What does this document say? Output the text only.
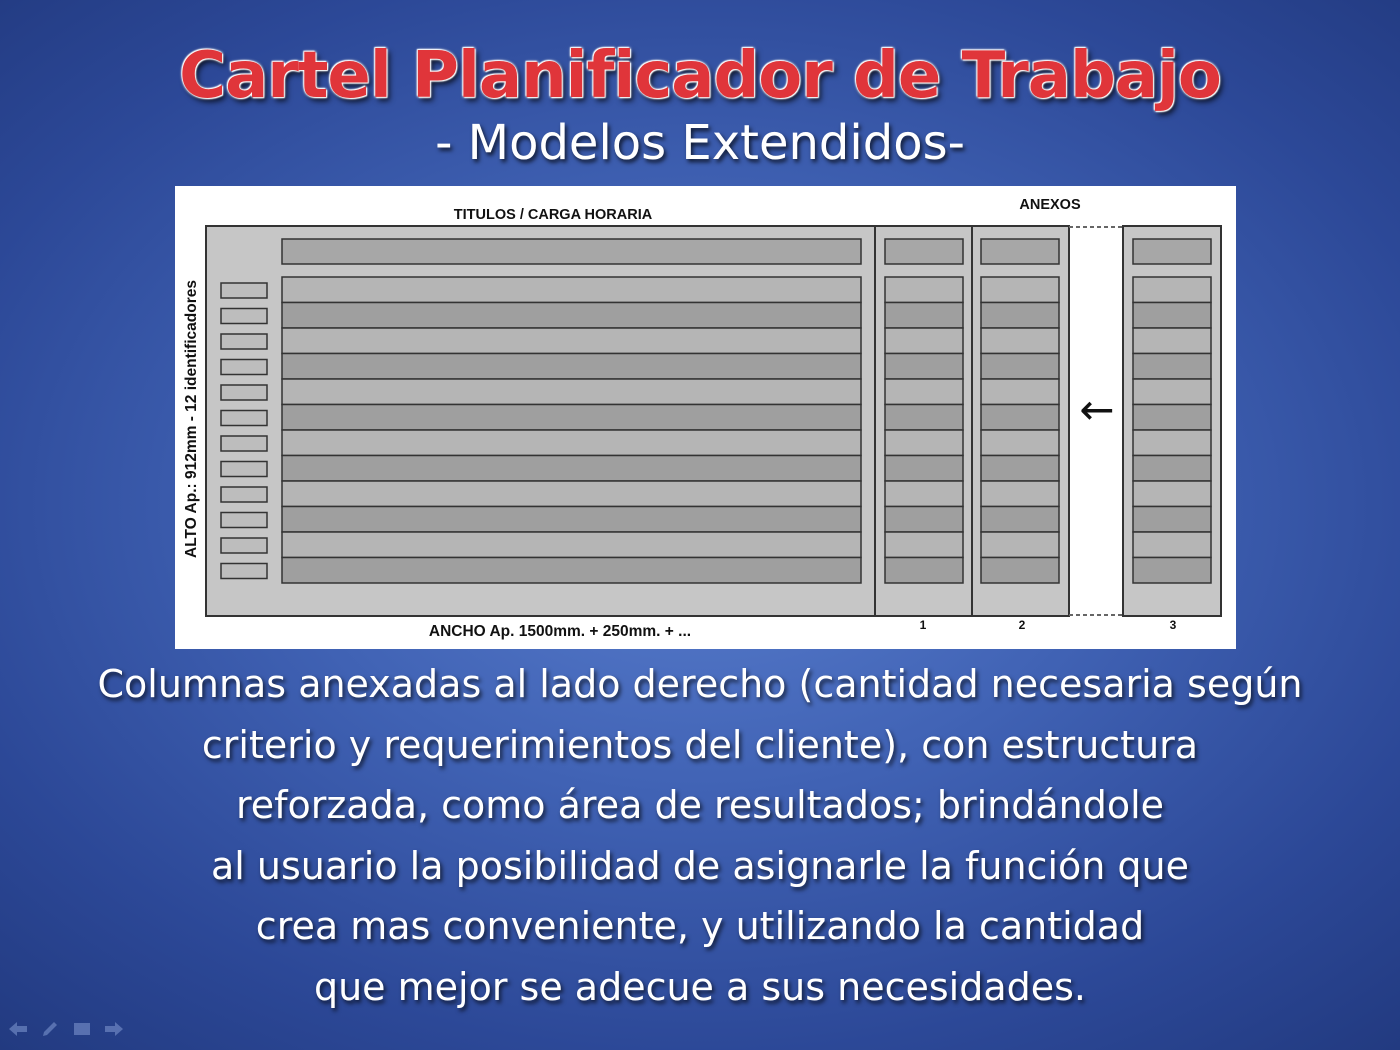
Cartel Planificador de Trabajo
- Modelos Extendidos-
TITULOS / CARGA HORARIA
ANEXOS
ALTO Ap.: 912mm - 12 identificadores
ANCHO Ap. 1500mm. + 250mm. + ...	1	2	3
←
Columnas anexadas al lado derecho (cantidad necesaria según
criterio y requerimientos del cliente), con estructura
reforzada, como área de resultados; brindándole
al usuario la posibilidad de asignarle la función que
crea mas conveniente, y utilizando la cantidad
que mejor se adecue a sus necesidades.
